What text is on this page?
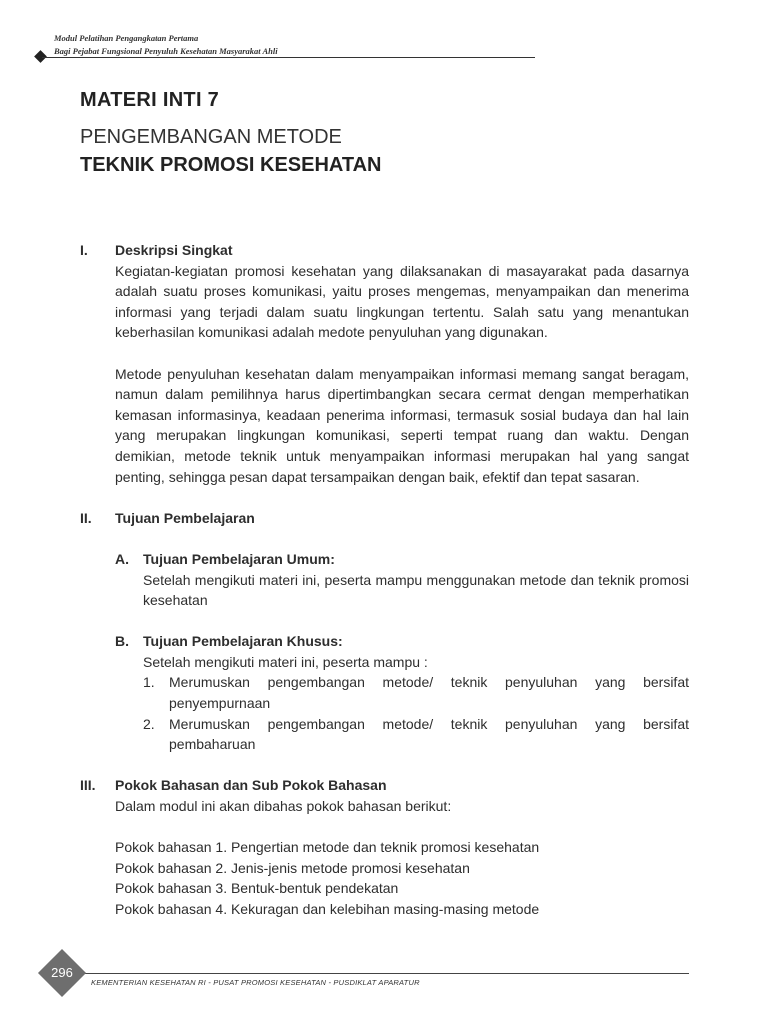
Modul Pelatihan Pengangkatan Pertama
Bagi Pejabat Fungsional Penyuluh Kesehatan Masyarakat Ahli
MATERI INTI 7
PENGEMBANGAN METODE
TEKNIK PROMOSI KESEHATAN
I.	Deskripsi Singkat

Kegiatan-kegiatan promosi kesehatan yang dilaksanakan di masayarakat pada dasarnya adalah suatu proses komunikasi, yaitu proses mengemas, menyampaikan dan menerima informasi yang terjadi dalam suatu lingkungan tertentu. Salah satu yang menantukan keberhasilan komunikasi adalah medote penyuluhan yang digunakan.

Metode penyuluhan kesehatan dalam menyampaikan informasi memang sangat beragam, namun dalam pemilihnya harus dipertimbangkan secara cermat dengan memperhatikan kemasan informasinya, keadaan penerima informasi, termasuk sosial budaya dan hal lain yang merupakan lingkungan komunikasi, seperti tempat ruang dan waktu. Dengan demikian, metode teknik untuk menyampaikan informasi merupakan hal yang sangat penting, sehingga pesan dapat tersampaikan dengan baik, efektif dan tepat sasaran.

II.	Tujuan Pembelajaran
A.	Tujuan Pembelajaran Umum:

Setelah mengikuti materi ini, peserta mampu menggunakan metode dan teknik promosi kesehatan

B.	Tujuan Pembelajaran Khusus:
Setelah mengikuti materi ini, peserta mampu :
1.	Merumuskan pengembangan metode/ teknik penyuluhan yang bersifat penyempurnaan
2.	Merumuskan pengembangan metode/ teknik penyuluhan yang bersifat pembaharuan
III.	Pokok Bahasan dan Sub Pokok Bahasan
Dalam modul ini akan dibahas pokok bahasan berikut:
Pokok bahasan 1. Pengertian metode dan teknik promosi kesehatan
Pokok bahasan 2. Jenis-jenis metode promosi kesehatan
Pokok bahasan 3. Bentuk-bentuk pendekatan
Pokok bahasan 4. Kekuragan dan kelebihan masing-masing metode
296
KEMENTERIAN KESEHATAN RI - PUSAT PROMOSI KESEHATAN - PUSDIKLAT APARATUR
